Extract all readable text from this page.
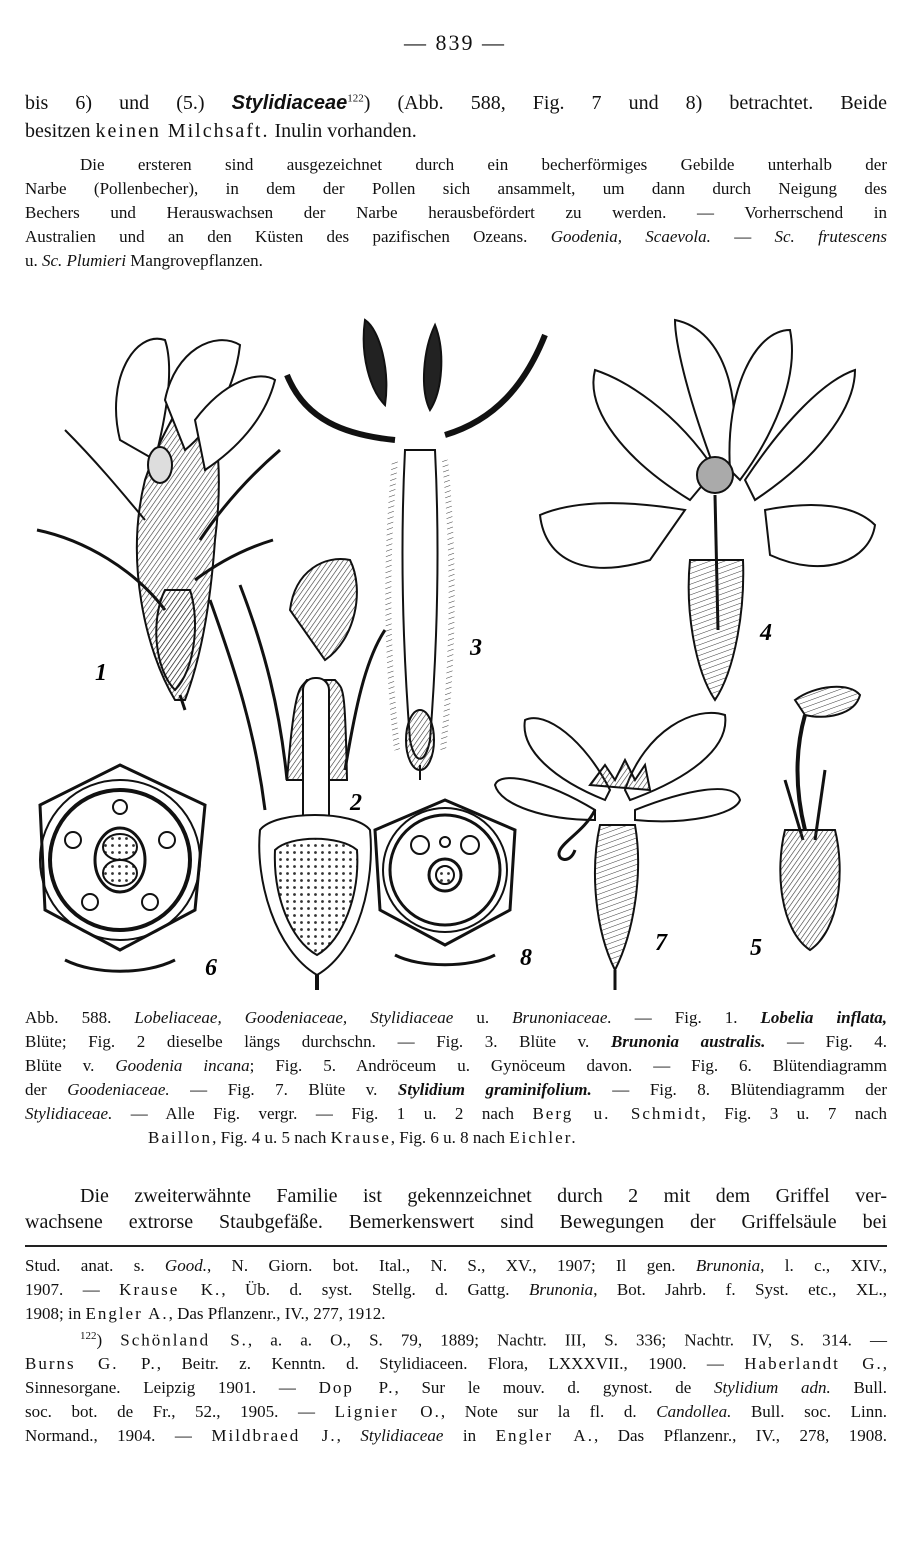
— 839 —
bis 6) und (5.) Stylidiaceae$^{122}$) (Abb. 588, Fig. 7 und 8) betrachtet. Beide
besitzen keinen Milchsaft. Inulin vorhanden.
Die ersteren sind ausgezeichnet durch ein becherförmiges Gebilde unterhalb der
Narbe (Pollenbecher), in dem der Pollen sich ansammelt, um dann durch Neigung des
Bechers und Herauswachsen der Narbe herausbefördert zu werden. — Vorherrschend in
Australien und an den Küsten des pazifischen Ozeans. Goodenia, Scaevola. — Sc. frutescens
u. Sc. Plumieri Mangrovepflanzen.
1
2
3
4
5
6
7
8
Abb. 588. Lobeliaceae, Goodeniaceae, Stylidiaceae u. Brunoniaceae. — Fig. 1. Lobelia inflata,
Blüte; Fig. 2 dieselbe längs durchschn. — Fig. 3. Blüte v. Brunonia australis. — Fig. 4.
Blüte v. Goodenia incana; Fig. 5. Andröceum u. Gynöceum davon. — Fig. 6. Blütendiagramm
der Goodeniaceae. — Fig. 7. Blüte v. Stylidium graminifolium. — Fig. 8. Blütendiagramm der
Stylidiaceae. — Alle Fig. vergr. — Fig. 1 u. 2 nach Berg u. Schmidt, Fig. 3 u. 7 nach
Baillon, Fig. 4 u. 5 nach Krause, Fig. 6 u. 8 nach Eichler.
Die zweiterwähnte Familie ist gekennzeichnet durch 2 mit dem Griffel ver-
wachsene extrorse Staubgefäße. Bemerkenswert sind Bewegungen der Griffelsäule bei
Stud. anat. s. Good., N. Giorn. bot. Ital., N. S., XV., 1907; Il gen. Brunonia, l. c., XIV.,
1907. — Krause K., Üb. d. syst. Stellg. d. Gattg. Brunonia, Bot. Jahrb. f. Syst. etc., XL.,
1908; in Engler A., Das Pflanzenr., IV., 277, 1912.
$^{122}$) Schönland S., a. a. O., S. 79, 1889; Nachtr. III, S. 336; Nachtr. IV, S. 314. —
Burns G. P., Beitr. z. Kenntn. d. Stylidiaceen. Flora, LXXXVII., 1900. — Haberlandt G.,
Sinnesorgane. Leipzig 1901. — Dop P., Sur le mouv. d. gynost. de Stylidium adn. Bull.
soc. bot. de Fr., 52., 1905. — Lignier O., Note sur la fl. d. Candollea. Bull. soc. Linn.
Normand., 1904. — Mildbraed J., Stylidiaceae in Engler A., Das Pflanzenr., IV., 278, 1908.
